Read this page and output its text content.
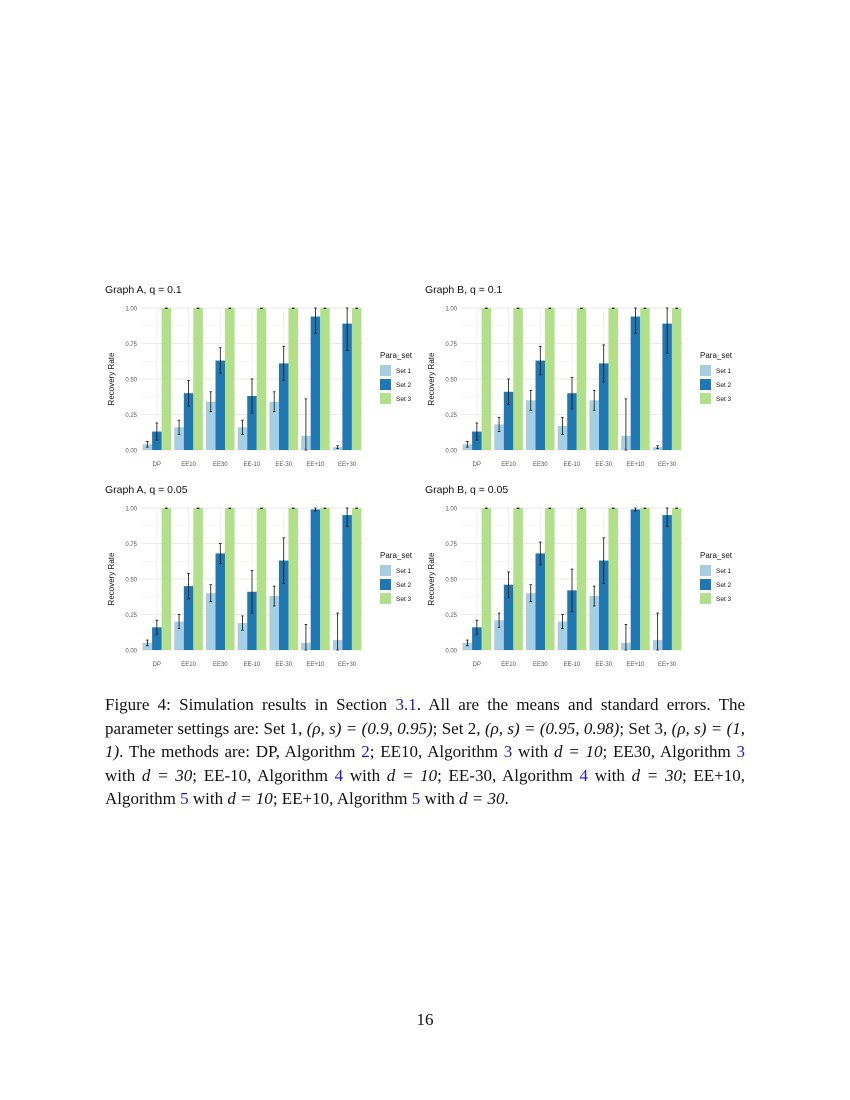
Graph A, q = 0.1
Recovery Rate
0.00
0.25
0.50
0.75
1.00
DP	EE10	EE30	EE-10	EE-30 EE+10 EE+30
Para_set
Set 1
Set 2
Set 3
Graph B, q = 0.1
Recovery Rate
0.00
0.25
0.50
0.75
1.00
DP	EE10	EE30	EE-10	EE-30 EE+10 EE+30
Para_set
Set 1
Set 2
Set 3
Graph A, q = 0.05
Recovery Rate
0.00
0.25
0.50
0.75
1.00
DP	EE10	EE30	EE-10	EE-30 EE+10 EE+30
Para_set
Set 1
Set 2
Set 3
Graph B, q = 0.05
Recovery Rate
0.00
0.25
0.50
0.75
1.00
DP	EE10	EE30	EE-10	EE-30 EE+10 EE+30
Para_set
Set 1
Set 2
Set 3
Figure 4: Simulation results in Section 3.1. All are the means and standard errors. The parameter settings are: Set 1, (ρ, s) = (0.9, 0.95); Set 2, (ρ, s) = (0.95, 0.98); Set 3, (ρ, s) = (1, 1). The methods are: DP, Algorithm 2; EE10, Algorithm 3 with d = 10; EE30, Algorithm 3 with d = 30; EE-10, Algorithm 4 with d = 10; EE-30, Algorithm 4 with d = 30; EE+10, Algorithm 5 with d = 10; EE+10, Algorithm 5 with d = 30.
16
